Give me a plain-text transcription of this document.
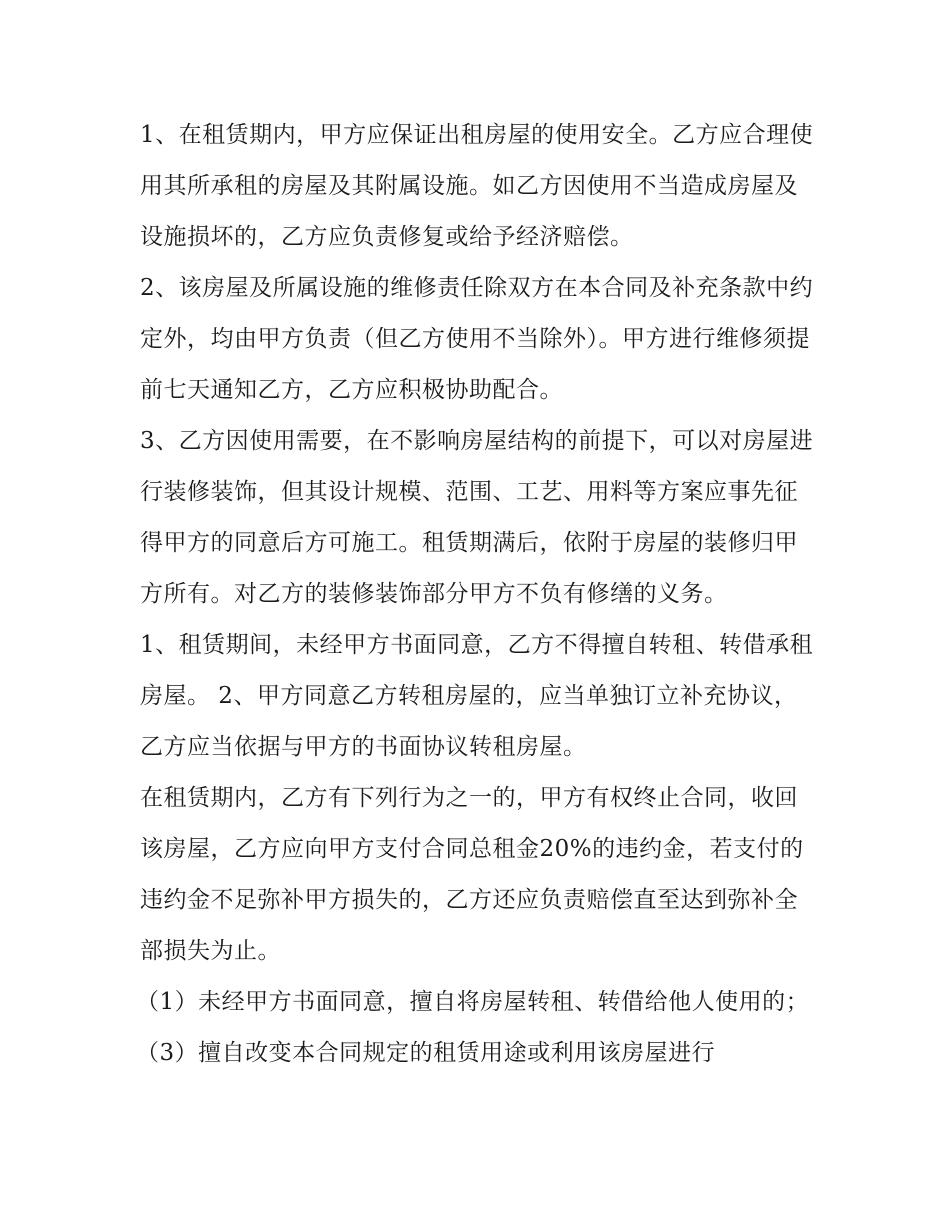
1、在租赁期内，甲方应保证出租房屋的使用安全。乙方应合理使用其所承租的房屋及其附属设施。如乙方因使用不当造成房屋及设施损坏的，乙方应负责修复或给予经济赔偿。

2、该房屋及所属设施的维修责任除双方在本合同及补充条款中约定外，均由甲方负责（但乙方使用不当除外）。甲方进行维修须提前七天通知乙方，乙方应积极协助配合。

3、乙方因使用需要，在不影响房屋结构的前提下，可以对房屋进行装修装饰，但其设计规模、范围、工艺、用料等方案应事先征得甲方的同意后方可施工。租赁期满后，依附于房屋的装修归甲方所有。对乙方的装修装饰部分甲方不负有修缮的义务。

1、租赁期间，未经甲方书面同意，乙方不得擅自转租、转借承租房屋。 2、甲方同意乙方转租房屋的，应当单独订立补充协议，乙方应当依据与甲方的书面协议转租房屋。

在租赁期内，乙方有下列行为之一的，甲方有权终止合同，收回该房屋，乙方应向甲方支付合同总租金20%的违约金，若支付的违约金不足弥补甲方损失的，乙方还应负责赔偿直至达到弥补全部损失为止。

（1）未经甲方书面同意，擅自将房屋转租、转借给他人使用的；（3）擅自改变本合同规定的租赁用途或利用该房屋进行
